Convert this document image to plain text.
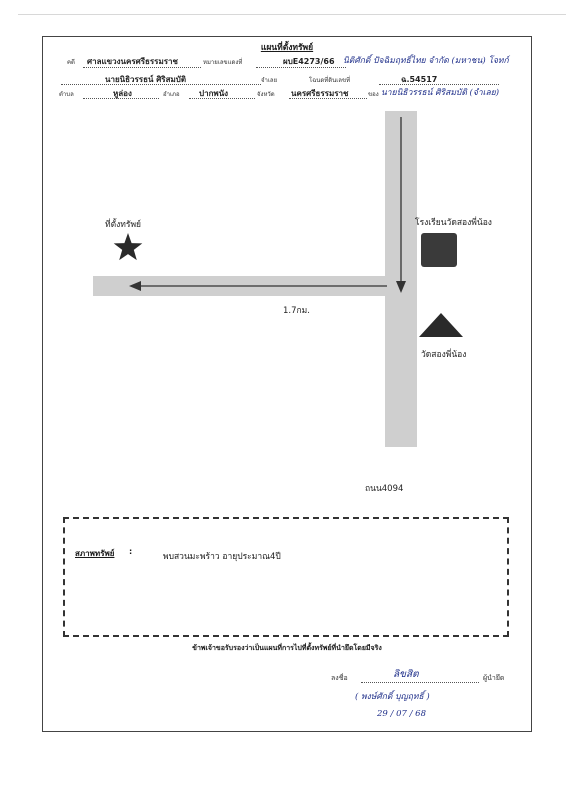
แผนที่ตั้งทรัพย์
คดี ศาลแขวงนครศรีธรรมราช	หมายเลขแดงที่	ผบE4273/66 นิติศักดิ์ ปัจฉิมฤทธิ์ไทย จำกัด (มหาชน) โจทก์
นายนิธิวรรธน์ ศิริสมบัติ	จำเลย	โฉนดที่ดินเลขที่	ฉ.54517
ตำบล	หูล่อง	อำเภอ ปากพนัง	จังหวัด นครศรีธรรมราช	ของ นายนิธิวรรธน์ ศิริสมบัติ (จำเลย)
ที่ตั้งทรัพย์	โรงเรียนวัดสองพี่น้อง
วัดสองพี่น้อง
1.7กม.
ถนน4094
สภาพทรัพย์ :
พบสวนมะพร้าว อายุประมาณ4ปี
ข้าพเจ้าขอรับรองว่าเป็นแผนที่การไปที่ตั้งทรัพย์ที่นำยึดโดยมีจริง
ลงชื่อ	ลิขสิต	ผู้นำยึด
( พงษ์ศักดิ์ บุญฤทธิ์ )
29 / 07 / 68
